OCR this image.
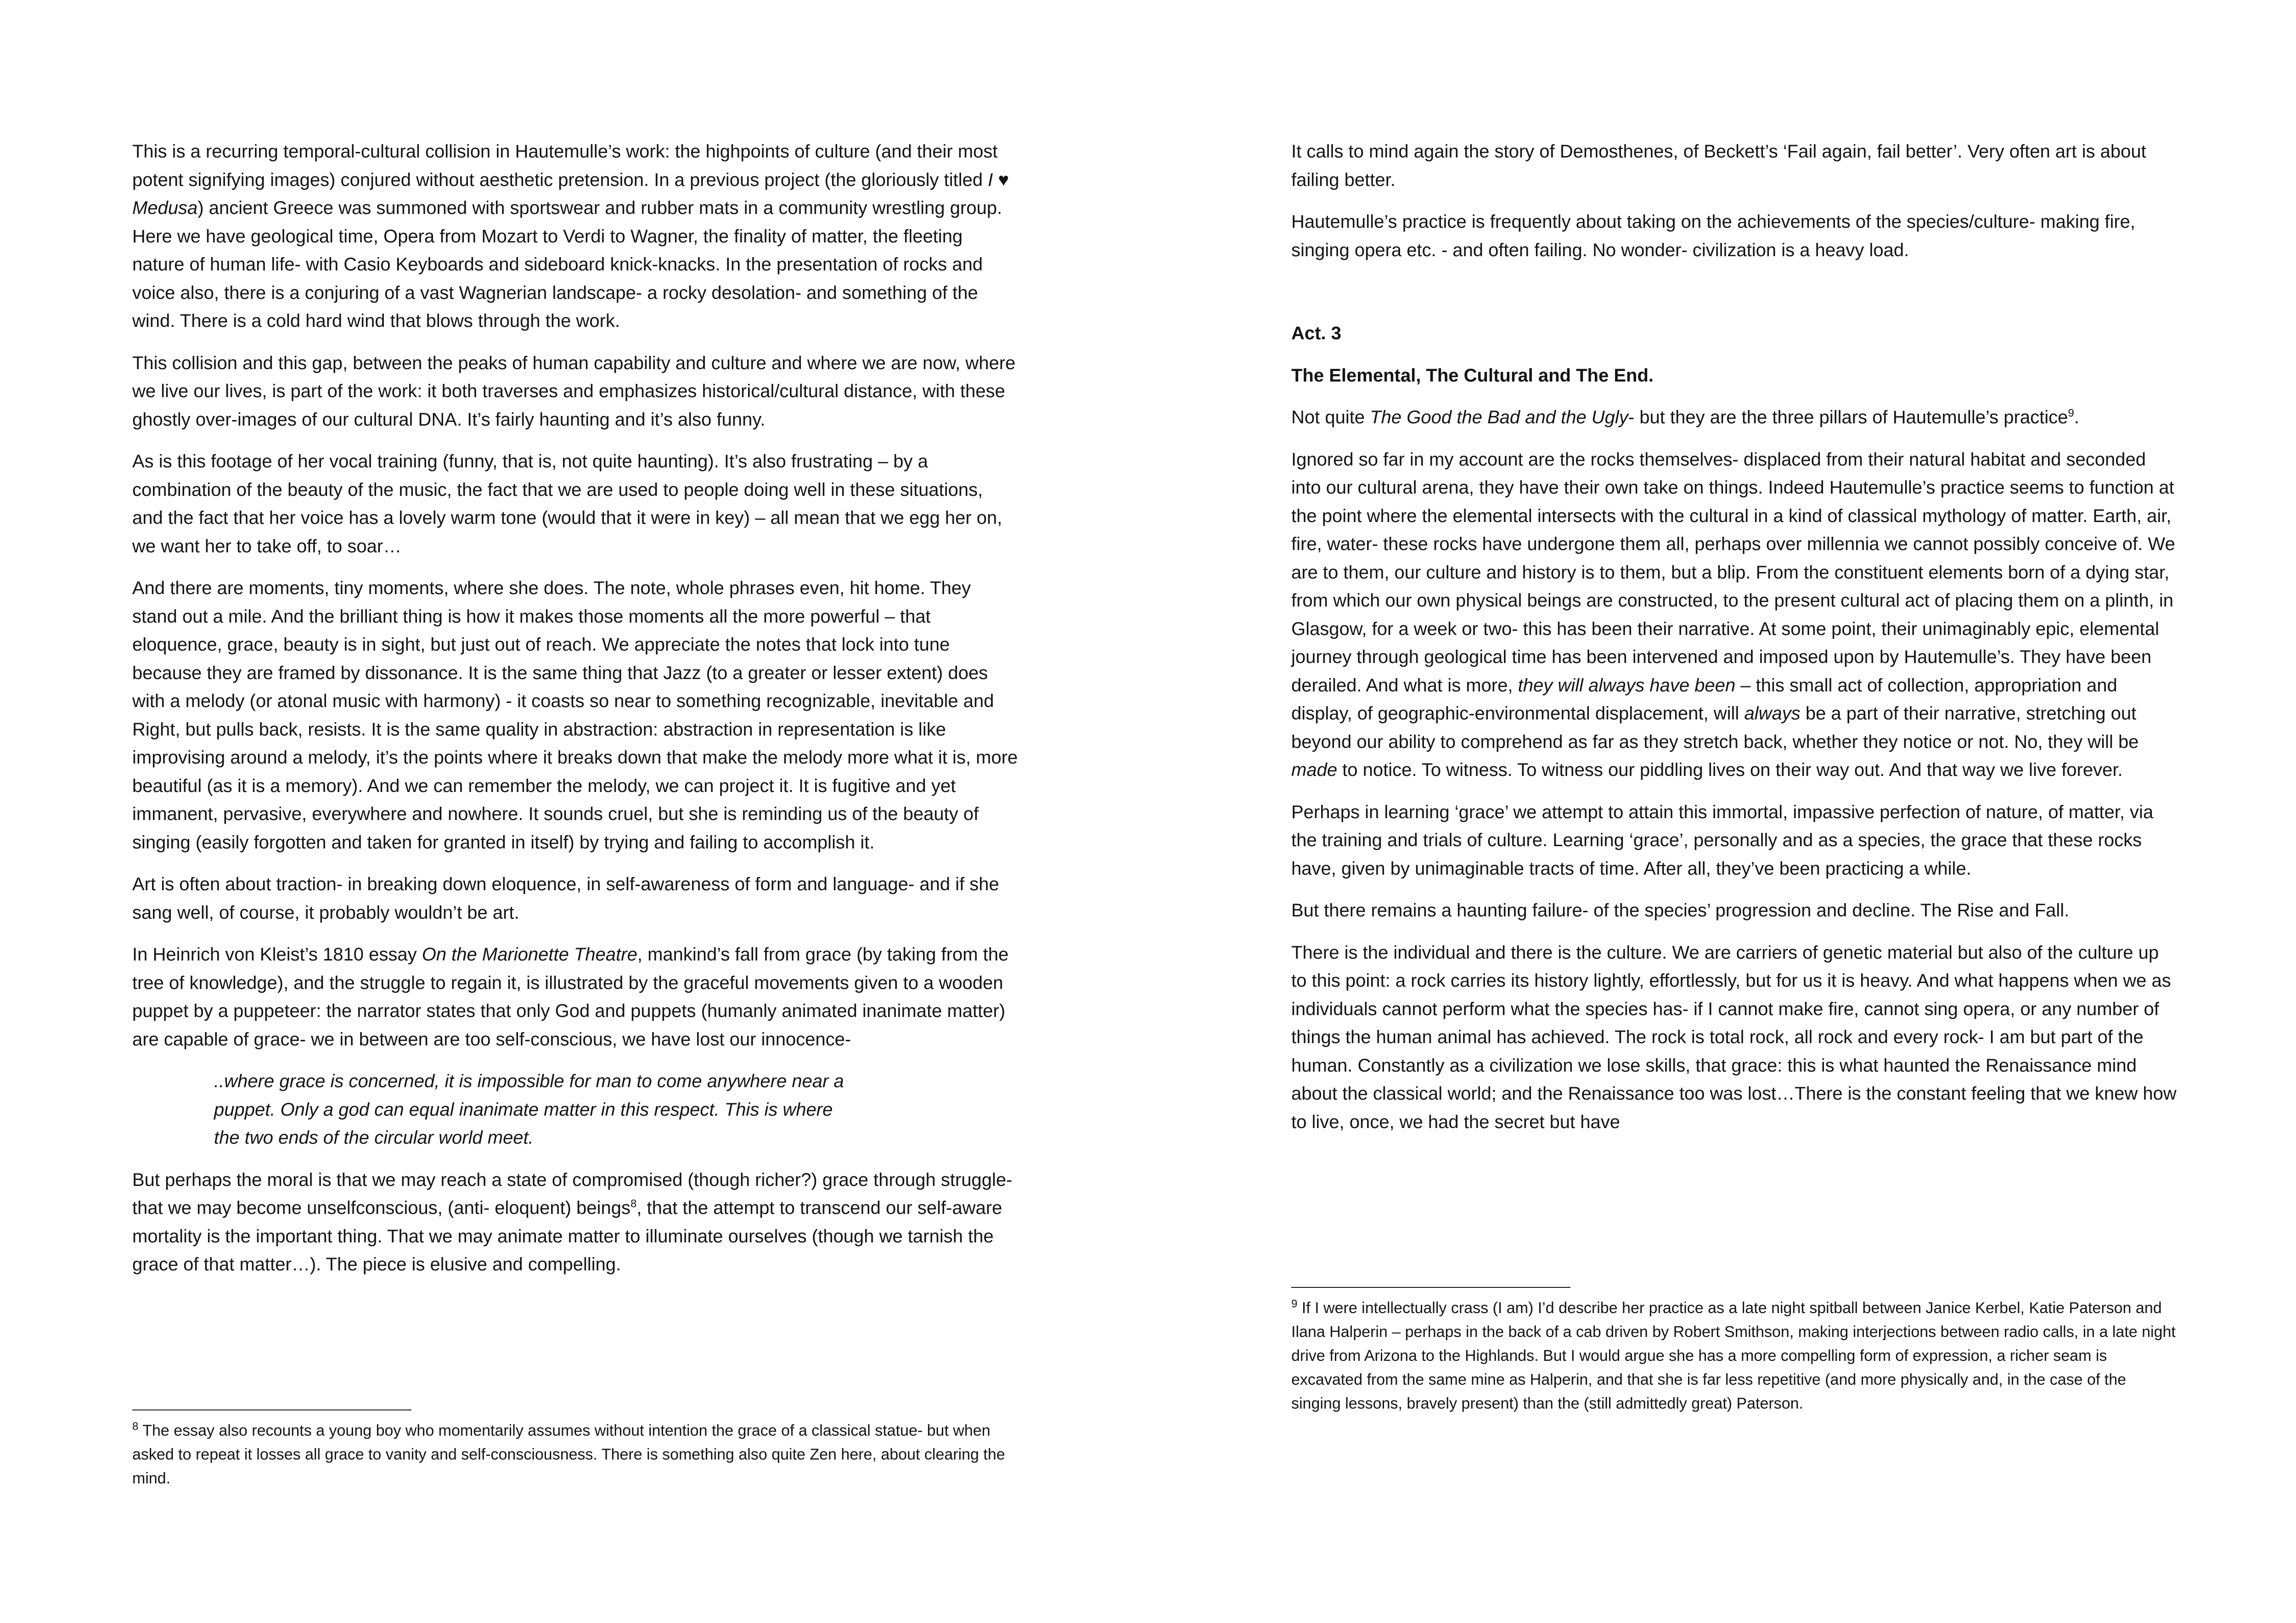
This is a recurring temporal-cultural collision in Hautemulle’s work: the highpoints of culture (and their most potent signifying images) conjured without aesthetic pretension. In a previous project (the gloriously titled I ♥ Medusa) ancient Greece was summoned with sportswear and rubber mats in a community wrestling group. Here we have geological time, Opera from Mozart to Verdi to Wagner, the finality of matter, the fleeting nature of human life- with Casio Keyboards and sideboard knick-knacks. In the presentation of rocks and voice also, there is a conjuring of a vast Wagnerian landscape- a rocky desolation- and something of the wind. There is a cold hard wind that blows through the work.

This collision and this gap, between the peaks of human capability and culture and where we are now, where we live our lives, is part of the work: it both traverses and emphasizes historical/cultural distance, with these ghostly over-images of our cultural DNA. It’s fairly haunting and it’s also funny.

As is this footage of her vocal training (funny, that is, not quite haunting). It’s also frustrating – by a combination of the beauty of the music, the fact that we are used to people doing well in these situations, and the fact that her voice has a lovely warm tone (would that it were in key) – all mean that we egg her on, we want her to take off, to soar…

And there are moments, tiny moments, where she does. The note, whole phrases even, hit home. They stand out a mile. And the brilliant thing is how it makes those moments all the more powerful – that eloquence, grace, beauty is in sight, but just out of reach. We appreciate the notes that lock into tune because they are framed by dissonance. It is the same thing that Jazz (to a greater or lesser extent) does with a melody (or atonal music with harmony) - it coasts so near to something recognizable, inevitable and Right, but pulls back, resists. It is the same quality in abstraction: abstraction in representation is like improvising around a melody, it’s the points where it breaks down that make the melody more what it is, more beautiful (as it is a memory). And we can remember the melody, we can project it. It is fugitive and yet immanent, pervasive, everywhere and nowhere. It sounds cruel, but she is reminding us of the beauty of singing (easily forgotten and taken for granted in itself) by trying and failing to accomplish it.

Art is often about traction- in breaking down eloquence, in self-awareness of form and language- and if she sang well, of course, it probably wouldn’t be art.

In Heinrich von Kleist’s 1810 essay On the Marionette Theatre, mankind’s fall from grace (by taking from the tree of knowledge), and the struggle to regain it, is illustrated by the graceful movements given to a wooden puppet by a puppeteer: the narrator states that only God and puppets (humanly animated inanimate matter) are capable of grace- we in between are too self-conscious, we have lost our innocence-

..where grace is concerned, it is impossible for man to come anywhere near a puppet. Only a god can equal inanimate matter in this respect. This is where the two ends of the circular world meet.

But perhaps the moral is that we may reach a state of compromised (though richer?) grace through struggle- that we may become unselfconscious, (anti- eloquent) beings$^8$, that the attempt to transcend our self-aware mortality is the important thing. That we may animate matter to illuminate ourselves (though we tarnish the grace of that matter…). The piece is elusive and compelling.

$^8$ The essay also recounts a young boy who momentarily assumes without intention the grace of a classical statue- but when asked to repeat it losses all grace to vanity and self-consciousness. There is something also quite Zen here, about clearing the mind.

It calls to mind again the story of Demosthenes, of Beckett’s ‘Fail again, fail better’. Very often art is about failing better.

Hautemulle’s practice is frequently about taking on the achievements of the species/culture- making fire, singing opera etc. - and often failing. No wonder- civilization is a heavy load.

Act. 3

The Elemental, The Cultural and The End.

Not quite The Good the Bad and the Ugly- but they are the three pillars of Hautemulle’s practice$^9$.

Ignored so far in my account are the rocks themselves- displaced from their natural habitat and seconded into our cultural arena, they have their own take on things. Indeed Hautemulle’s practice seems to function at the point where the elemental intersects with the cultural in a kind of classical mythology of matter. Earth, air, fire, water- these rocks have undergone them all, perhaps over millennia we cannot possibly conceive of. We are to them, our culture and history is to them, but a blip. From the constituent elements born of a dying star, from which our own physical beings are constructed, to the present cultural act of placing them on a plinth, in Glasgow, for a week or two- this has been their narrative. At some point, their unimaginably epic, elemental journey through geological time has been intervened and imposed upon by Hautemulle’s. They have been derailed. And what is more, they will always have been – this small act of collection, appropriation and display, of geographic-environmental displacement, will always be a part of their narrative, stretching out beyond our ability to comprehend as far as they stretch back, whether they notice or not. No, they will be made to notice. To witness. To witness our piddling lives on their way out. And that way we live forever.

Perhaps in learning ‘grace’ we attempt to attain this immortal, impassive perfection of nature, of matter, via the training and trials of culture. Learning ‘grace’, personally and as a species, the grace that these rocks have, given by unimaginable tracts of time. After all, they’ve been practicing a while.

But there remains a haunting failure- of the species’ progression and decline. The Rise and Fall.

There is the individual and there is the culture. We are carriers of genetic material but also of the culture up to this point: a rock carries its history lightly, effortlessly, but for us it is heavy. And what happens when we as individuals cannot perform what the species has- if I cannot make fire, cannot sing opera, or any number of things the human animal has achieved. The rock is total rock, all rock and every rock- I am but part of the human. Constantly as a civilization we lose skills, that grace: this is what haunted the Renaissance mind about the classical world; and the Renaissance too was lost…There is the constant feeling that we knew how to live, once, we had the secret but have

$^9$ If I were intellectually crass (I am) I’d describe her practice as a late night spitball between Janice Kerbel, Katie Paterson and Ilana Halperin – perhaps in the back of a cab driven by Robert Smithson, making interjections between radio calls, in a late night drive from Arizona to the Highlands. But I would argue she has a more compelling form of expression, a richer seam is excavated from the same mine as Halperin, and that she is far less repetitive (and more physically and, in the case of the singing lessons, bravely present) than the (still admittedly great) Paterson.
